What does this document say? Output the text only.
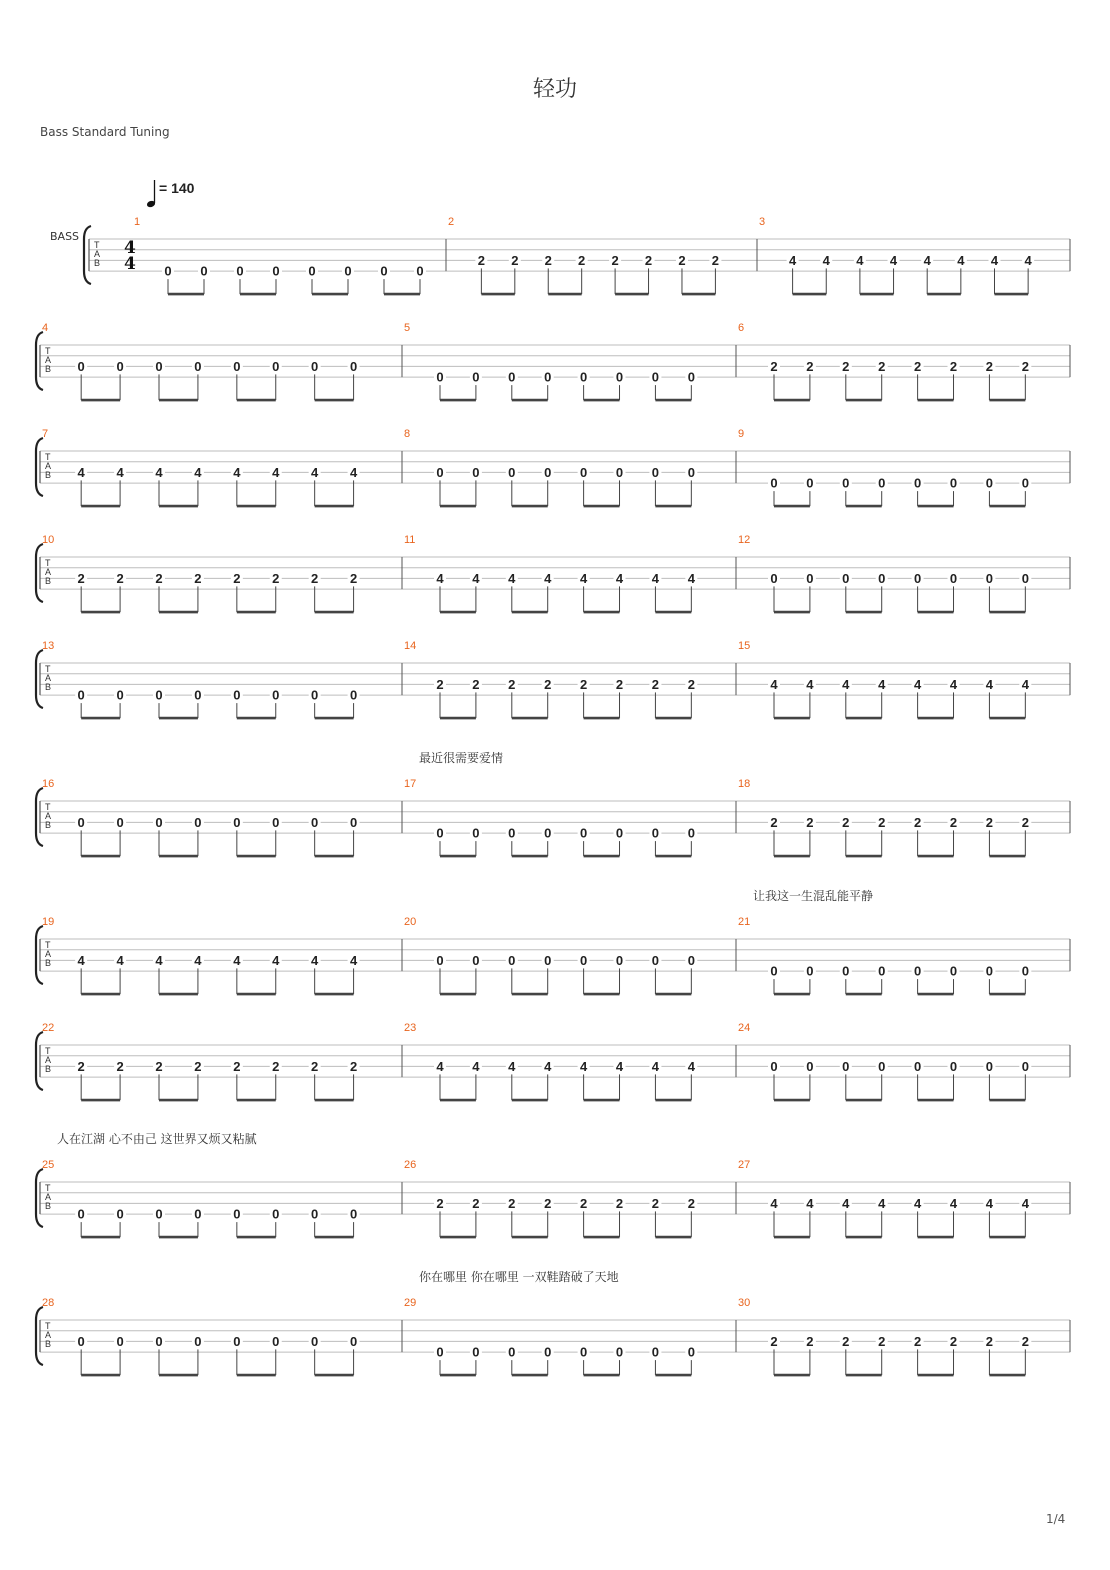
轻功
Bass Standard Tuning
= 140
BASS
1/4
T
A
B
4
4
1
0 0 0 0 0 0 0 0
2
2 2 2 2 2 2 2 2
3
4 4 4 4 4 4 4 4
T
A
B
4
0 0 0 0 0 0 0 0
5
0 0 0 0 0 0 0 0
6
2 2 2 2 2 2 2 2
T
A
B
7
4 4 4 4 4 4 4 4
8
0 0 0 0 0 0 0 0
9
0 0 0 0 0 0 0 0
T
A
B
10
2 2 2 2 2 2 2 2
11
4 4 4 4 4 4 4 4
12
0 0 0 0 0 0 0 0
T
A
B
13
0 0 0 0 0 0 0 0
14
2 2 2 2 2 2 2 2
15
4 4 4 4 4 4 4 4
T
A
B
16
0 0 0 0 0 0 0 0
17
0 0 0 0 0 0 0 0
18
2 2 2 2 2 2 2 2
T
A
B
19
4 4 4 4 4 4 4 4
20
0 0 0 0 0 0 0 0
21
0 0 0 0 0 0 0 0
T
A
B
22
2 2 2 2 2 2 2 2
23
4 4 4 4 4 4 4 4
24
0 0 0 0 0 0 0 0
T
A
B
25
0 0 0 0 0 0 0 0
26
2 2 2 2 2 2 2 2
27
4 4 4 4 4 4 4 4
T
A
B
28
0 0 0 0 0 0 0 0
29
0 0 0 0 0 0 0 0
30
2 2 2 2 2 2 2 2
最近很需要爱情
让我这一生混乱能平静
人在江湖 心不由己 这世界又烦又粘腻
你在哪里 你在哪里 一双鞋踏破了天地
